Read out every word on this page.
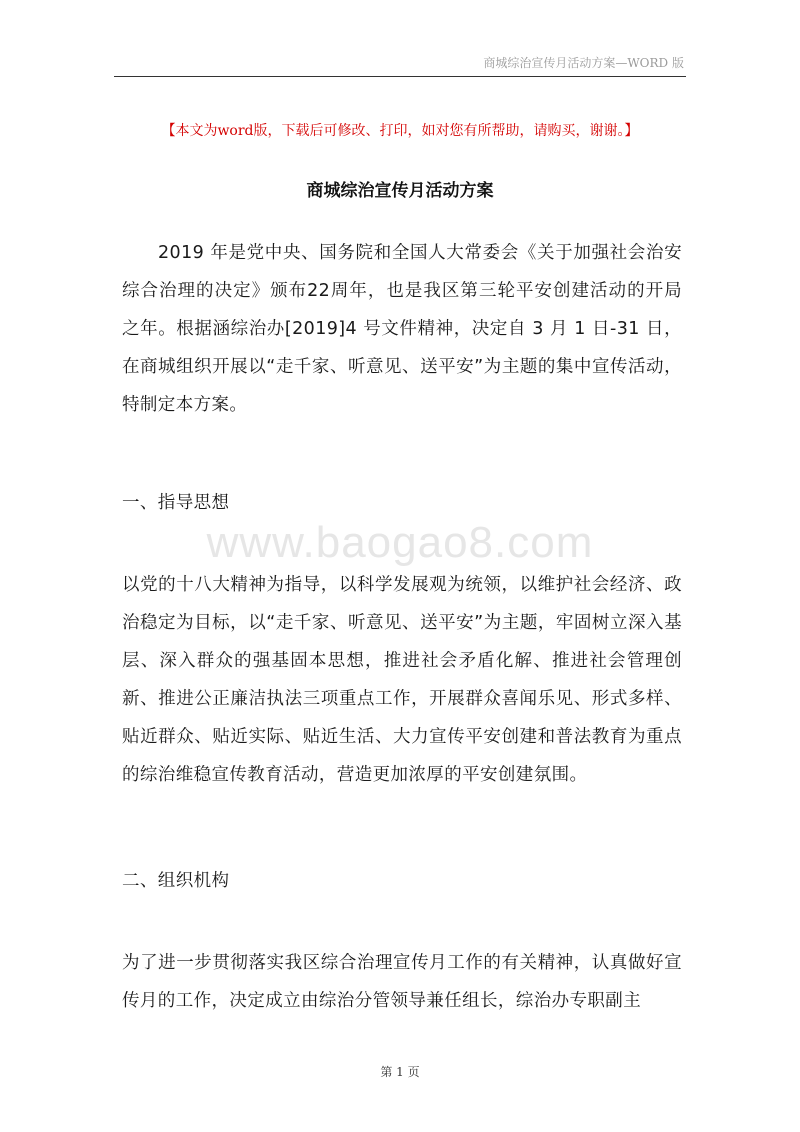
商城综治宣传月活动方案—WORD 版
【本文为word版，下载后可修改、打印，如对您有所帮助，请购买，谢谢。】
商城综治宣传月活动方案
2019 年是党中央、国务院和全国人大常委会《关于加强社会治安综合治理的决定》颁布22周年，也是我区第三轮平安创建活动的开局之年。根据涵综治办[2019]4 号文件精神，决定自 3 月 1 日-31 日，在商城组织开展以“走千家、听意见、送平安”为主题的集中宣传活动，特制定本方案。
一、指导思想
www.baogao8.com
以党的十八大精神为指导，以科学发展观为统领，以维护社会经济、政治稳定为目标，以“走千家、听意见、送平安”为主题，牢固树立深入基层、深入群众的强基固本思想，推进社会矛盾化解、推进社会管理创新、推进公正廉洁执法三项重点工作，开展群众喜闻乐见、形式多样、贴近群众、贴近实际、贴近生活、大力宣传平安创建和普法教育为重点的综治维稳宣传教育活动，营造更加浓厚的平安创建氛围。
二、组织机构
为了进一步贯彻落实我区综合治理宣传月工作的有关精神，认真做好宣传月的工作，决定成立由综治分管领导兼任组长，综治办专职副主
第 1 页
